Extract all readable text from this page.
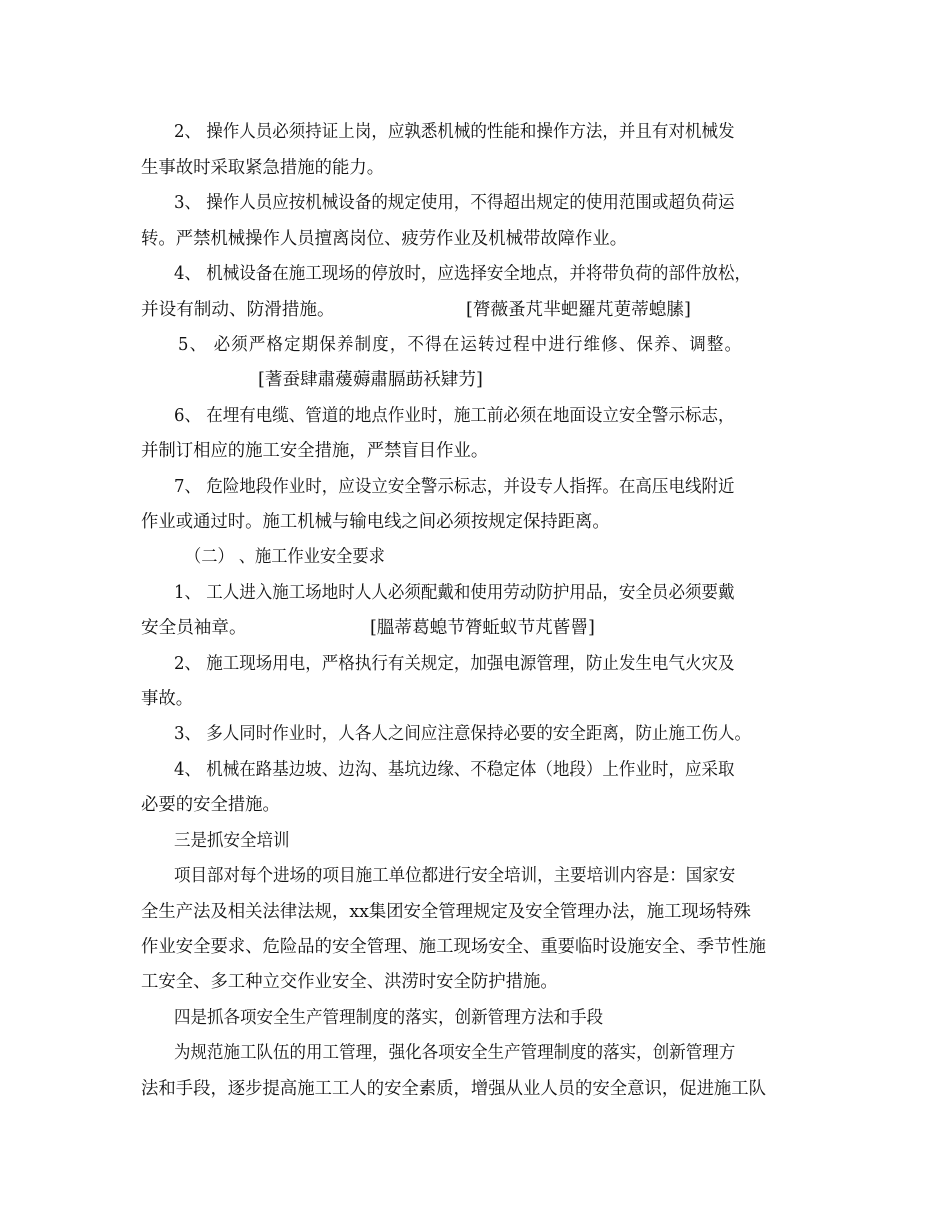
2、 操作人员必须持证上岗，应孰悉机械的性能和操作方法，并且有对机械发
生事故时采取紧急措施的能力。
3、 操作人员应按机械设备的规定使用，不得超出规定的使用范围或超负荷运
转。严禁机械操作人员擅离岗位、疲劳作业及机械带故障作业。
4、 机械设备在施工现场的停放时，应选择安全地点，并将带负荷的部件放松，
并设有制动、防滑措施。	[膂薇蚤芃芈蚆羅芃莄蒂螅膆]
5、 必须严格定期保养制度，不得在运转过程中进行维修、保养、调整。
[蓍蚕肆肅蕿薅肅膈莇袄肄芀]
6、 在埋有电缆、管道的地点作业时，施工前必须在地面设立安全警示标志，
并制订相应的施工安全措施，严禁盲目作业。
7、 危险地段作业时，应设立安全警示标志，并设专人指挥。在高压电线附近
作业或通过时。施工机械与输电线之间必须按规定保持距离。
（二） 、施工作业安全要求
1、 工人进入施工场地时人人必须配戴和使用劳动防护用品，安全员必须要戴
安全员袖章。	[膃蒂葛螅节膂蚯蚁节芃蒈罾]
2、 施工现场用电，严格执行有关规定，加强电源管理，防止发生电气火灾及
事故。
3、 多人同时作业时，人各人之间应注意保持必要的安全距离，防止施工伤人。
4、 机械在路基边坡、边沟、基坑边缘、不稳定体（地段）上作业时，应采取
必要的安全措施。
三是抓安全培训
项目部对每个进场的项目施工单位都进行安全培训，主要培训内容是：国家安
全生产法及相关法律法规，xx集团安全管理规定及安全管理办法，施工现场特殊
作业安全要求、危险品的安全管理、施工现场安全、重要临时设施安全、季节性施
工安全、多工种立交作业安全、洪涝时安全防护措施。
四是抓各项安全生产管理制度的落实，创新管理方法和手段
为规范施工队伍的用工管理，强化各项安全生产管理制度的落实，创新管理方
法和手段，逐步提高施工工人的安全素质，增强从业人员的安全意识，促进施工队
